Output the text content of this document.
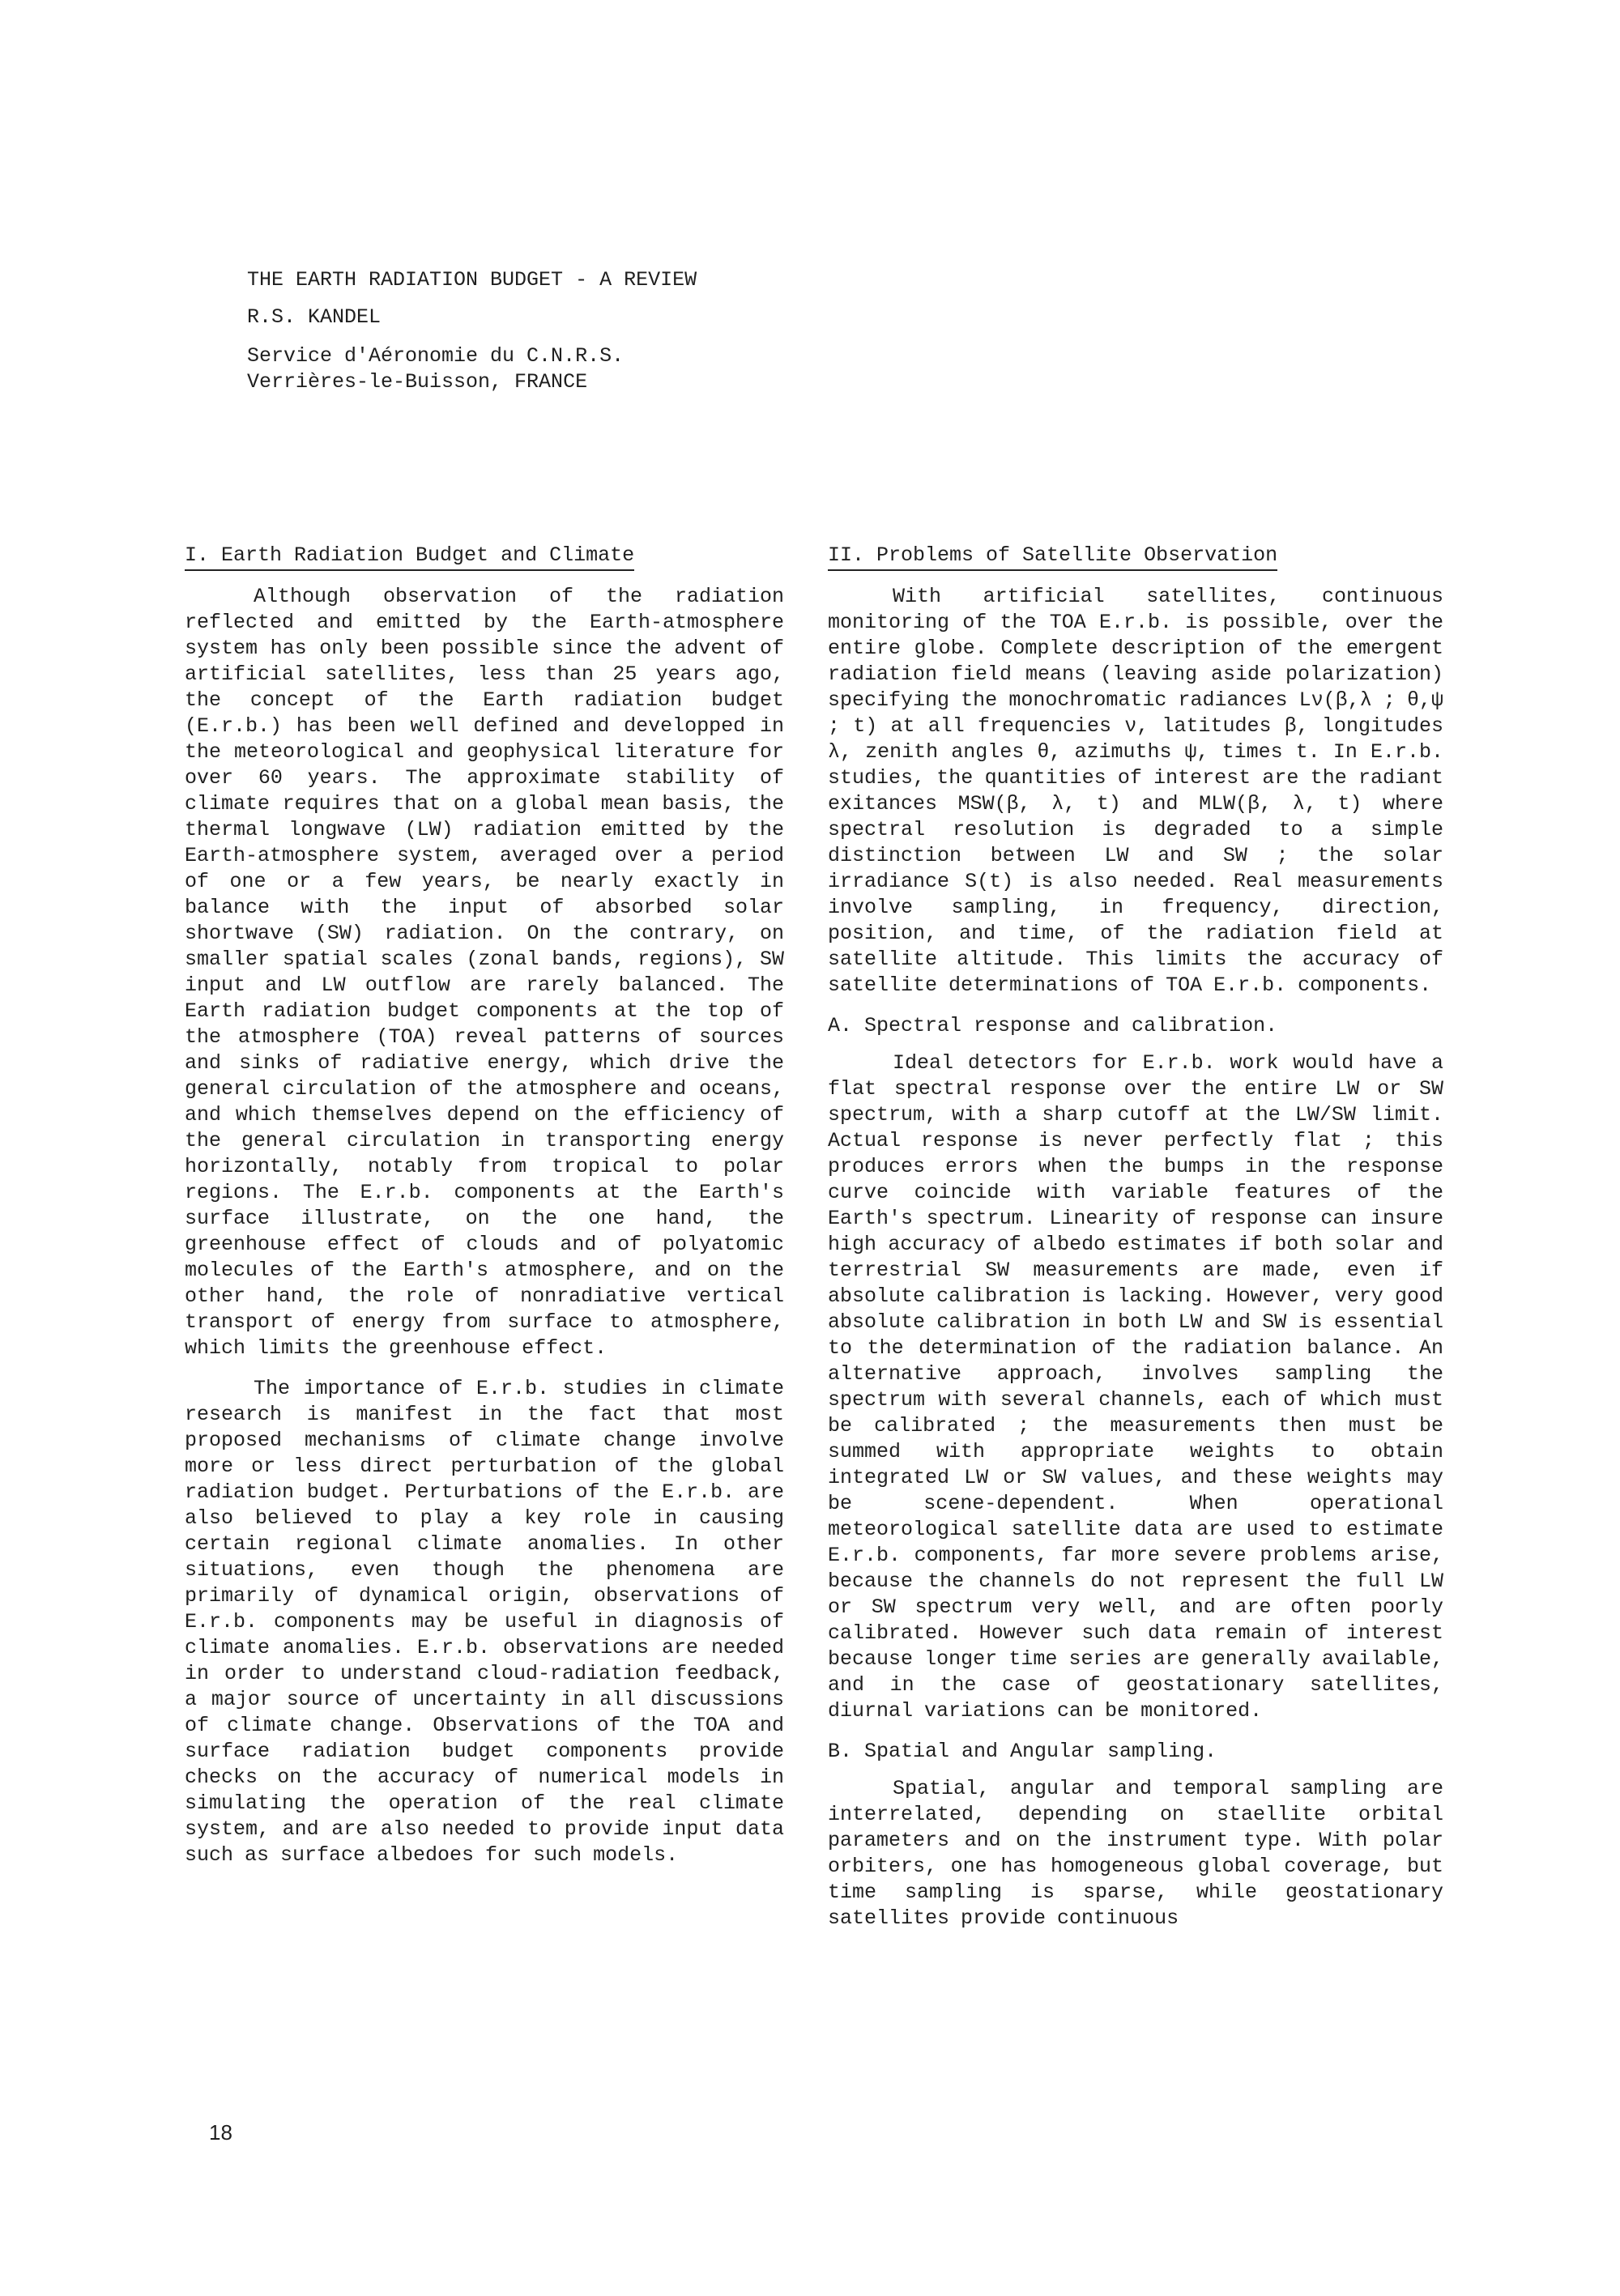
THE EARTH RADIATION BUDGET - A REVIEW
R.S. KANDEL
Service d'Aéronomie du C.N.R.S.
Verrières-le-Buisson, FRANCE
I. Earth Radiation Budget and Climate

Although observation of the radiation reflected and emitted by the Earth-atmosphere system has only been possible since the advent of artificial satellites, less than 25 years ago, the concept of the Earth radiation budget (E.r.b.) has been well defined and developped in the meteorological and geophysical literature for over 60 years. The approximate stability of climate requires that on a global mean basis, the thermal longwave (LW) radiation emitted by the Earth-atmosphere system, averaged over a period of one or a few years, be nearly exactly in balance with the input of absorbed solar shortwave (SW) radiation. On the contrary, on smaller spatial scales (zonal bands, regions), SW input and LW outflow are rarely balanced. The Earth radiation budget components at the top of the atmosphere (TOA) reveal patterns of sources and sinks of radiative energy, which drive the general circulation of the atmosphere and oceans, and which themselves depend on the efficiency of the general circulation in transporting energy horizontally, notably from tropical to polar regions. The E.r.b. components at the Earth's surface illustrate, on the one hand, the greenhouse effect of clouds and of polyatomic molecules of the Earth's atmosphere, and on the other hand, the role of nonradiative vertical transport of energy from surface to atmosphere, which limits the greenhouse effect.

The importance of E.r.b. studies in climate research is manifest in the fact that most proposed mechanisms of climate change involve more or less direct perturbation of the global radiation budget. Perturbations of the E.r.b. are also believed to play a key role in causing certain regional climate anomalies. In other situations, even though the phenomena are primarily of dynamical origin, observations of E.r.b. components may be useful in diagnosis of climate anomalies. E.r.b. observations are needed in order to understand cloud-radiation feedback, a major source of uncertainty in all discussions of climate change. Observations of the TOA and surface radiation budget components provide checks on the accuracy of numerical models in simulating the operation of the real climate system, and are also needed to provide input data such as surface albedoes for such models.

II. Problems of Satellite Observation

With artificial satellites, continuous monitoring of the TOA E.r.b. is possible, over the entire globe. Complete description of the emergent radiation field means (leaving aside polarization) specifying the monochromatic radiances Lν(β,λ ; θ,ψ ; t) at all frequencies ν, latitudes β, longitudes λ, zenith angles θ, azimuths ψ, times t. In E.r.b. studies, the quantities of interest are the radiant exitances MSW(β, λ, t) and MLW(β, λ, t) where spectral resolution is degraded to a simple distinction between LW and SW ; the solar irradiance S(t) is also needed. Real measurements involve sampling, in frequency, direction, position, and time, of the radiation field at satellite altitude. This limits the accuracy of satellite determinations of TOA E.r.b. components.

A. Spectral response and calibration.

Ideal detectors for E.r.b. work would have a flat spectral response over the entire LW or SW spectrum, with a sharp cutoff at the LW/SW limit. Actual response is never perfectly flat ; this produces errors when the bumps in the response curve coincide with variable features of the Earth's spectrum. Linearity of response can insure high accuracy of albedo estimates if both solar and terrestrial SW measurements are made, even if absolute calibration is lacking. However, very good absolute calibration in both LW and SW is essential to the determination of the radiation balance. An alternative approach, involves sampling the spectrum with several channels, each of which must be calibrated ; the measurements then must be summed with appropriate weights to obtain integrated LW or SW values, and these weights may be scene-dependent. When operational meteorological satellite data are used to estimate E.r.b. components, far more severe problems arise, because the channels do not represent the full LW or SW spectrum very well, and are often poorly calibrated. However such data remain of interest because longer time series are generally available, and in the case of geostationary satellites, diurnal variations can be monitored.

B. Spatial and Angular sampling.

Spatial, angular and temporal sampling are interrelated, depending on staellite orbital parameters and on the instrument type. With polar orbiters, one has homogeneous global coverage, but time sampling is sparse, while geostationary satellites provide continuous

18
